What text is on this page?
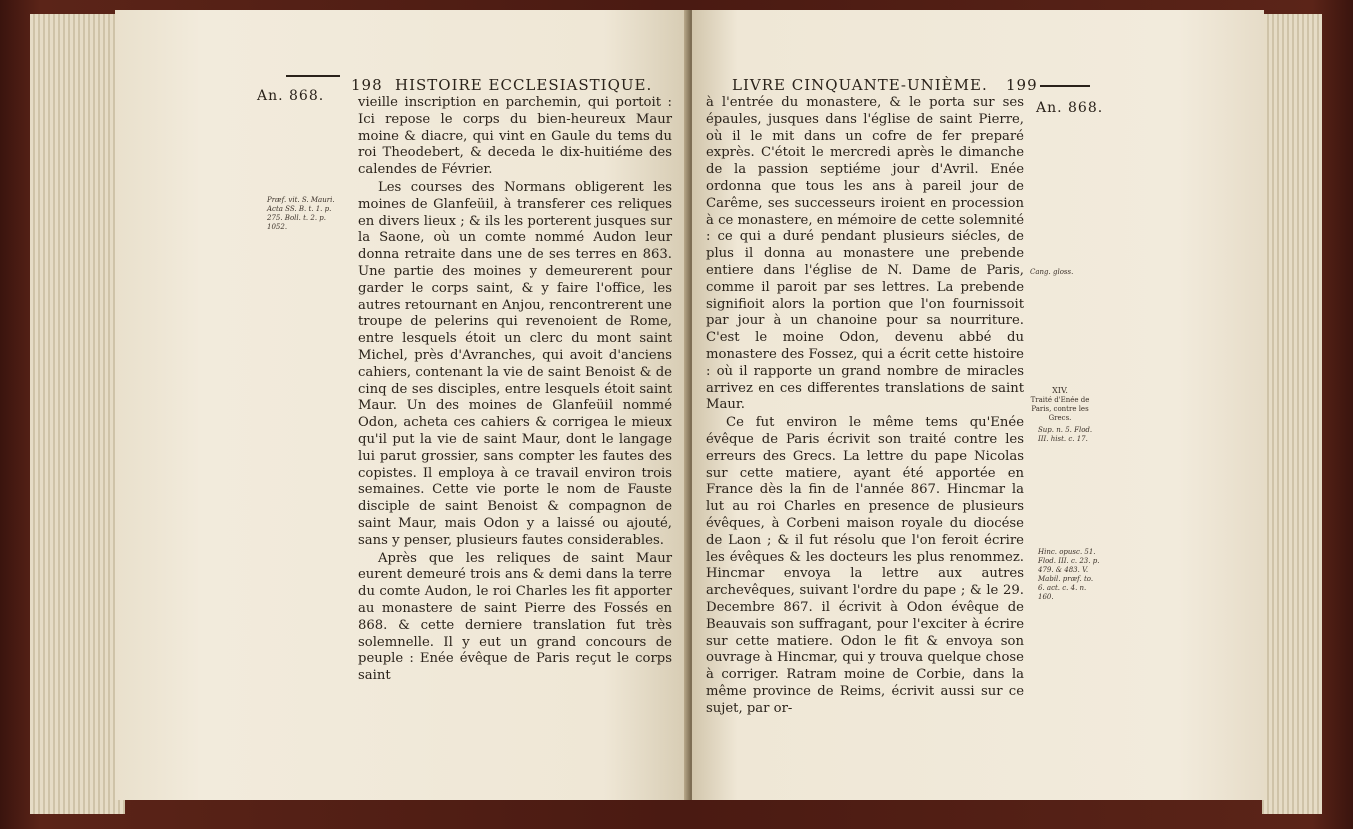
An. 868.
198 HISTOIRE ECCLESIASTIQUE.
Præf. vit. S. Mauri. Acta SS. B. t. 1. p. 275. Boll. t. 2. p. 1052.

vieille inscription en parchemin, qui portoit : Ici repose le corps du bien-heureux Maur moine & diacre, qui vint en Gaule du tems du roi Theodebert, & deceda le dix-huitiéme des calendes de Février.

Les courses des Normans obligerent les moines de Glanfeüil, à transferer ces reliques en divers lieux ; & ils les porterent jusques sur la Saone, où un comte nommé Audon leur donna retraite dans une de ses terres en 863. Une partie des moines y demeurerent pour garder le corps saint, & y faire l'office, les autres retournant en Anjou, rencontrerent une troupe de pelerins qui revenoient de Rome, entre lesquels étoit un clerc du mont saint Michel, près d'Avranches, qui avoit d'anciens cahiers, contenant la vie de saint Benoist & de cinq de ses disciples, entre lesquels étoit saint Maur. Un des moines de Glanfeüil nommé Odon, acheta ces cahiers & corrigea le mieux qu'il put la vie de saint Maur, dont le langage lui parut grossier, sans compter les fautes des copistes. Il employa à ce travail environ trois semaines. Cette vie porte le nom de Fauste disciple de saint Benoist & compagnon de saint Maur, mais Odon y a laissé ou ajouté, sans y penser, plusieurs fautes considerables.

Après que les reliques de saint Maur eurent demeuré trois ans & demi dans la terre du comte Audon, le roi Charles les fit apporter au monastere de saint Pierre des Fossés en 868. & cette derniere translation fut très solemnelle. Il y eut un grand concours de peuple : Enée évêque de Paris reçut le corps saint

LIVRE CINQUANTE-UNIÈME. 199
An. 868.
Cang. gloss.
XIV.
Traité d'Enée de Paris, contre les Grecs.
Sup. n. 5. Flod. III. hist. c. 17.
Hinc. opusc. 51. Flod. III. c. 23. p. 479. & 483. V. Mabil. præf. to. 6. act. c. 4. n. 160.

à l'entrée du monastere, & le porta sur ses épaules, jusques dans l'église de saint Pierre, où il le mit dans un cofre de fer preparé exprès. C'étoit le mercredi après le dimanche de la passion septiéme jour d'Avril. Enée ordonna que tous les ans à pareil jour de Carême, ses successeurs iroient en procession à ce monastere, en mémoire de cette solemnité : ce qui a duré pendant plusieurs siécles, de plus il donna au monastere une prebende entiere dans l'église de N. Dame de Paris, comme il paroit par ses lettres. La prebende signifioit alors la portion que l'on fournissoit par jour à un chanoine pour sa nourriture. C'est le moine Odon, devenu abbé du monastere des Fossez, qui a écrit cette histoire : où il rapporte un grand nombre de miracles arrivez en ces differentes translations de saint Maur.

Ce fut environ le même tems qu'Enée évêque de Paris écrivit son traité contre les erreurs des Grecs. La lettre du pape Nicolas sur cette matiere, ayant été apportée en France dès la fin de l'année 867. Hincmar la lut au roi Charles en presence de plusieurs évêques, à Corbeni maison royale du diocése de Laon ; & il fut résolu que l'on feroit écrire les évêques & les docteurs les plus renommez. Hincmar envoya la lettre aux autres archevêques, suivant l'ordre du pape ; & le 29. Decembre 867. il écrivit à Odon évêque de Beauvais son suffragant, pour l'exciter à écrire sur cette matiere. Odon le fit & envoya son ouvrage à Hincmar, qui y trouva quelque chose à corriger. Ratram moine de Corbie, dans la même province de Reims, écrivit aussi sur ce sujet, par or-
